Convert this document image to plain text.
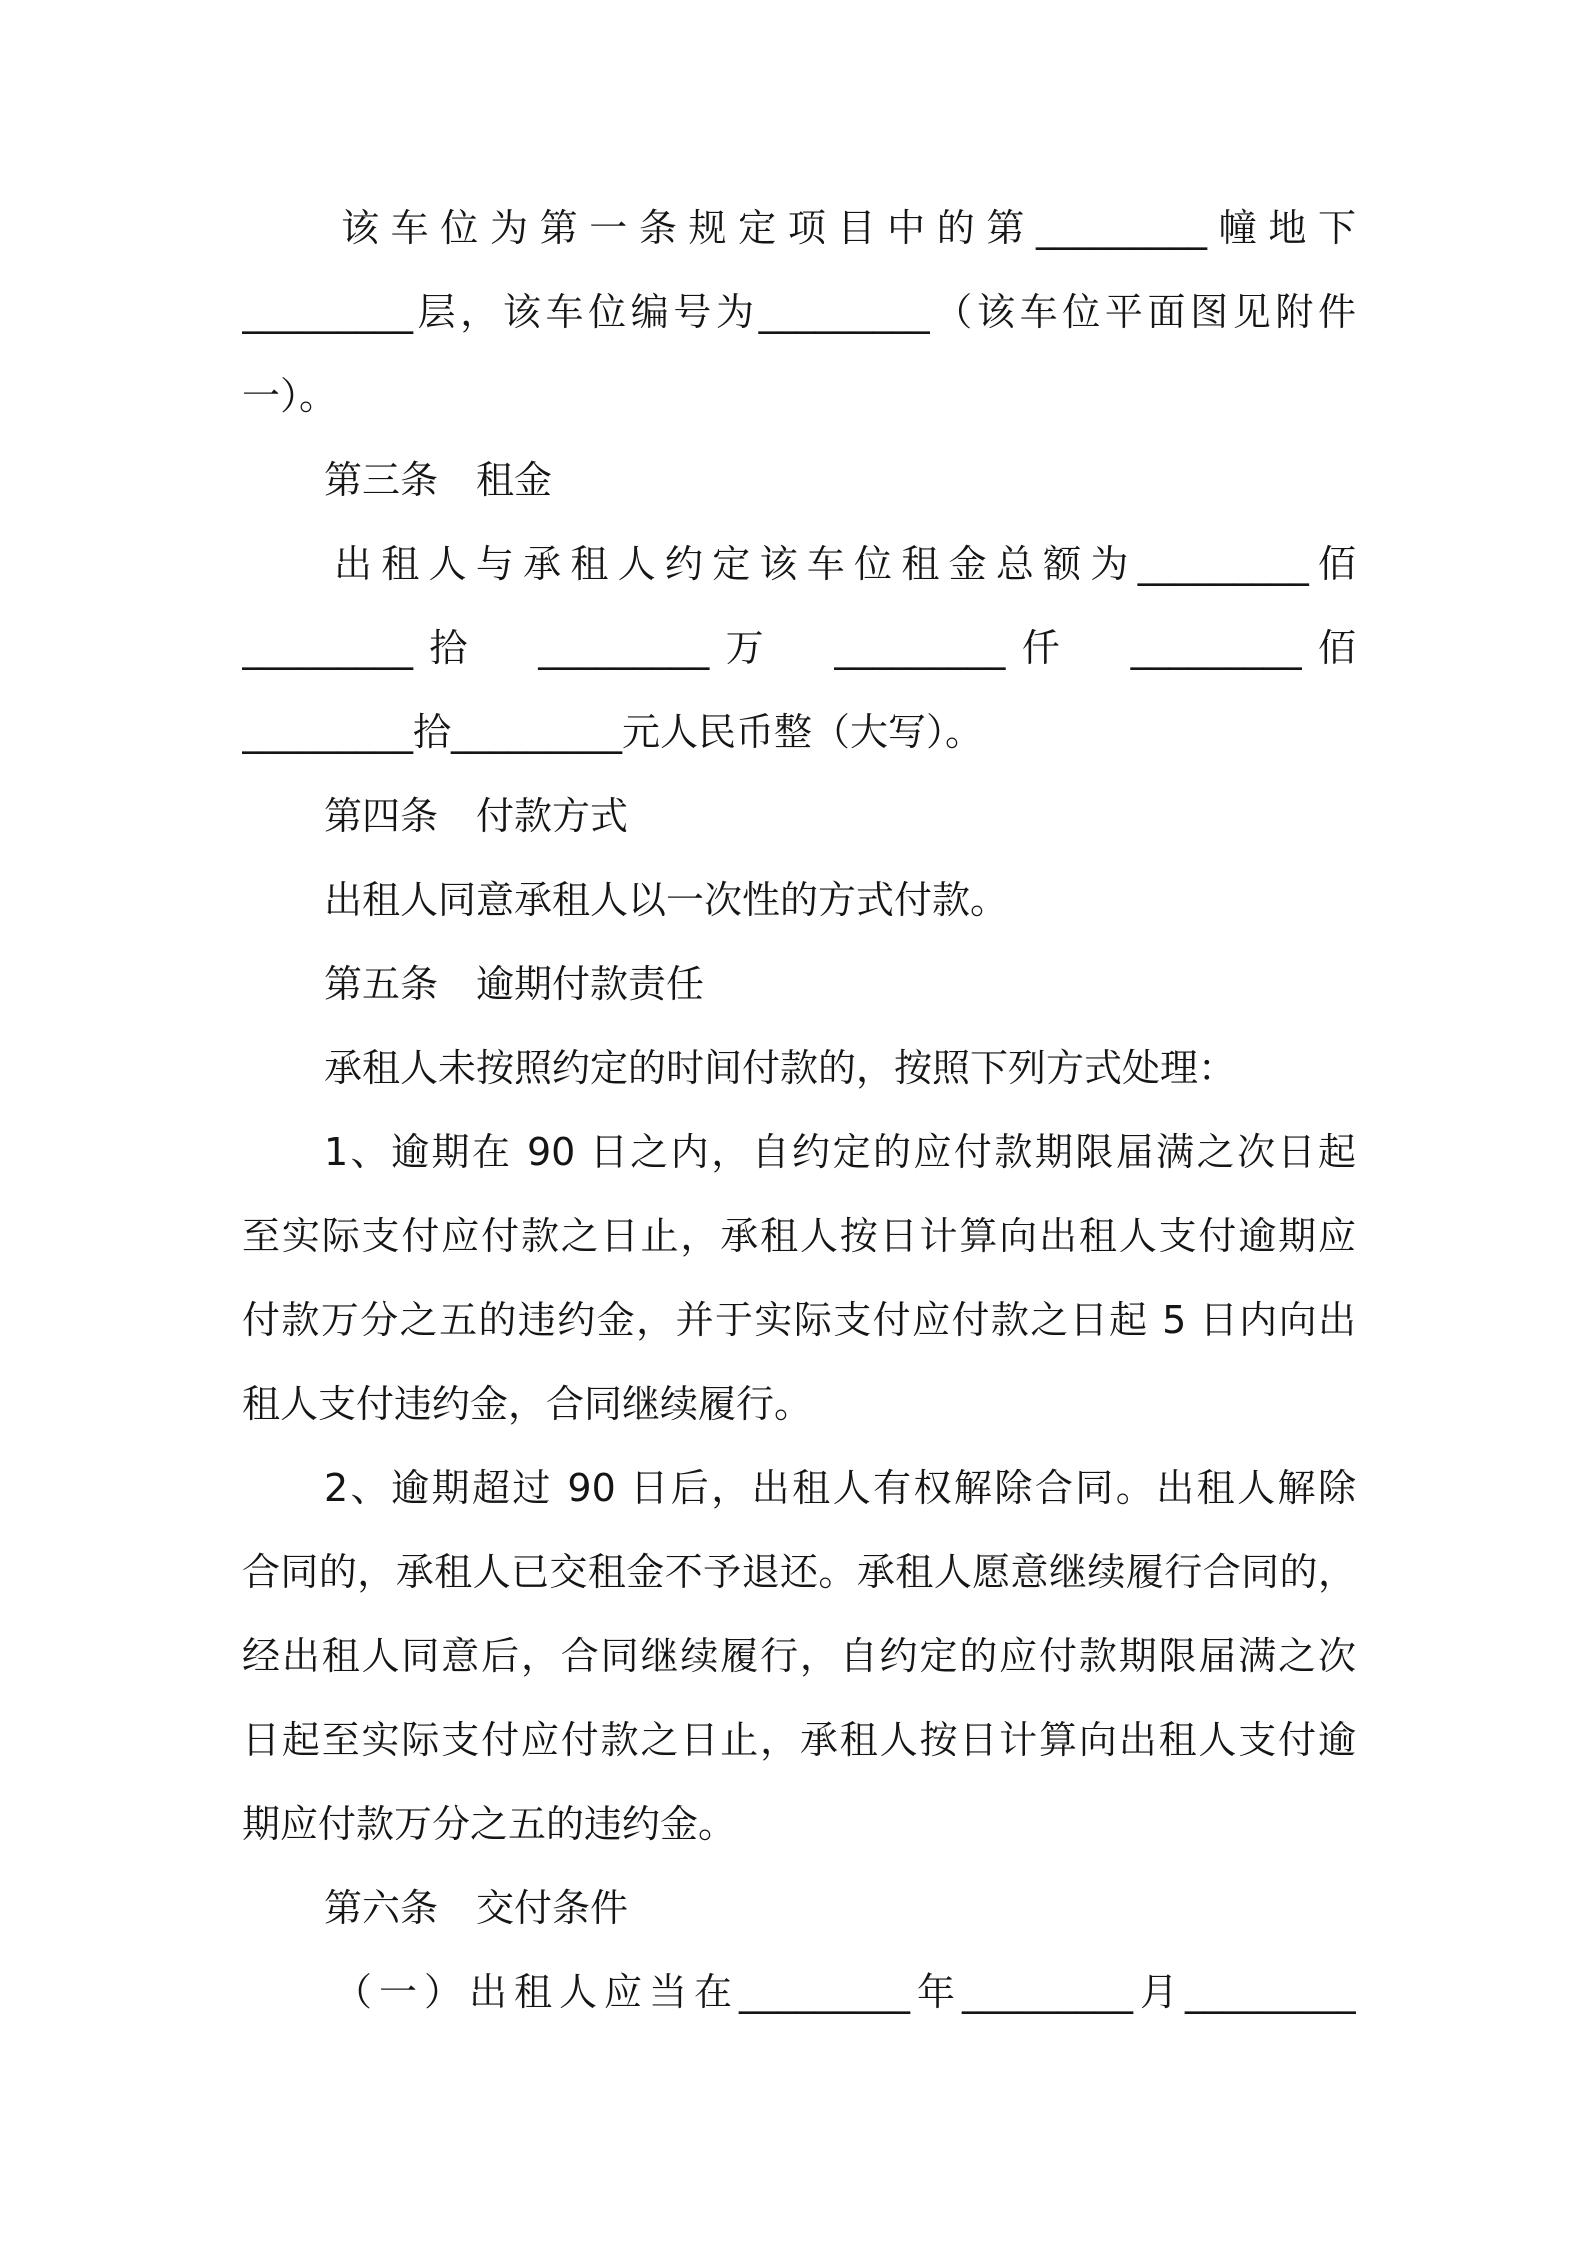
该车位为第一条规定项目中的第_________幢地下
_________层，该车位编号为_________（该车位平面图见附件
一）。
第三条　租金
出租人与承租人约定该车位租金总额为_________佰
_________拾　_________万　_________仟　_________佰
_________拾_________元人民币整（大写）。
第四条　付款方式
出租人同意承租人以一次性的方式付款。
第五条　逾期付款责任
承租人未按照约定的时间付款的，按照下列方式处理：
1、逾期在 90 日之内，自约定的应付款期限届满之次日起
至实际支付应付款之日止，承租人按日计算向出租人支付逾期应
付款万分之五的违约金，并于实际支付应付款之日起 5 日内向出
租人支付违约金，合同继续履行。
2、逾期超过 90 日后，出租人有权解除合同。出租人解除
合同的，承租人已交租金不予退还。承租人愿意继续履行合同的，
经出租人同意后，合同继续履行，自约定的应付款期限届满之次
日起至实际支付应付款之日止，承租人按日计算向出租人支付逾
期应付款万分之五的违约金。
第六条　交付条件
（一）出租人应当在_________年_________月_________
